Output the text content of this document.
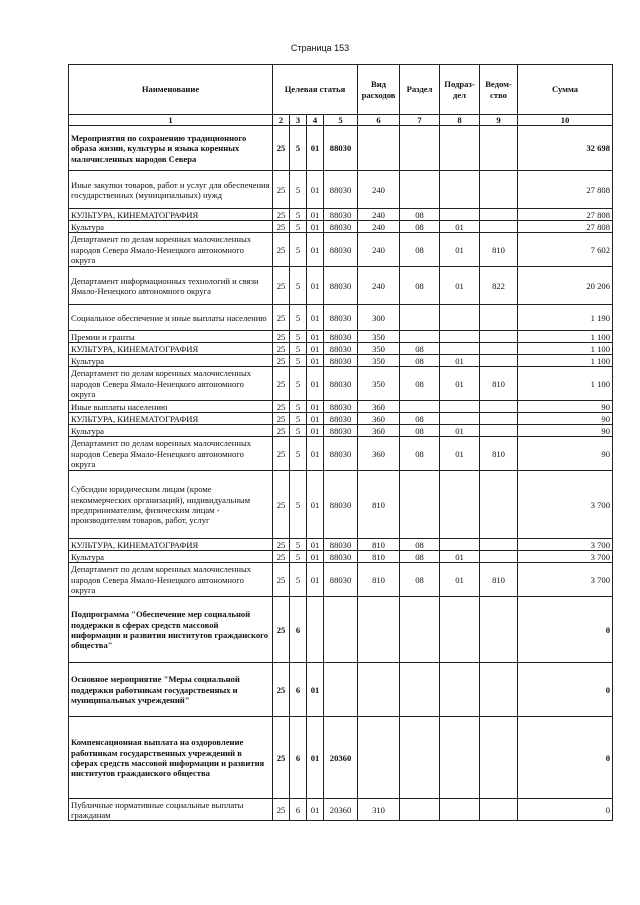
Страница 153
Наименование	Целевая статья				Вид расходов	Раздел	Подраз-дел	Ведом-ство	Сумма
1	2	3	4	5	6	7	8	9	10
Мероприятия по сохранению традиционного образа жизни, культуры и языка коренных малочисленных народов Севера	25	5	01	88030					32 698
Иные закупки товаров, работ и услуг для обеспечения государственных (муниципальных) нужд	25	5	01	88030	240				27 808
КУЛЬТУРА, КИНЕМАТОГРАФИЯ	25	5	01	88030	240	08			27 808
Культура	25	5	01	88030	240	08	01		27 808
Департамент по делам коренных малочисленных народов Севера Ямало-Ненецкого автономного округа	25	5	01	88030	240	08	01	810	7 602
Департамент информационных технологий и связи Ямало-Ненецкого автономного округа	25	5	01	88030	240	08	01	822	20 206
Социальное обеспечение и иные выплаты населению	25	5	01	88030	300				1 190
Премии и гранты	25	5	01	88030	350				1 100
КУЛЬТУРА, КИНЕМАТОГРАФИЯ	25	5	01	88030	350	08			1 100
Культура	25	5	01	88030	350	08	01		1 100
Департамент по делам коренных малочисленных народов Севера Ямало-Ненецкого автономного округа	25	5	01	88030	350	08	01	810	1 100
Иные выплаты населению	25	5	01	88030	360				90
КУЛЬТУРА, КИНЕМАТОГРАФИЯ	25	5	01	88030	360	08			90
Культура	25	5	01	88030	360	08	01		90
Департамент по делам коренных малочисленных народов Севера Ямало-Ненецкого автономного округа	25	5	01	88030	360	08	01	810	90
Субсидии юридическим лицам (кроме некоммерческих организаций), индивидуальным предпринимателям, физическим лицам - производителям товаров, работ, услуг	25	5	01	88030	810				3 700
КУЛЬТУРА, КИНЕМАТОГРАФИЯ	25	5	01	88030	810	08			3 700
Культура	25	5	01	88030	810	08	01		3 700
Департамент по делам коренных малочисленных народов Севера Ямало-Ненецкого автономного округа	25	5	01	88030	810	08	01	810	3 700
Подпрограмма "Обеспечение мер социальной поддержки в сферах средств массовой информации и развития институтов гражданского общества"	25	6							0
Основное мероприятие "Меры социальной поддержки работникам государственных и муниципальных учреждений"	25	6	01						0
Компенсационная выплата на оздоровление работникам государственных учреждений в сферах средств массовой информации и развития институтов гражданского общества	25	6	01	20360					0
Публичные нормативные социальные выплаты гражданам	25	6	01	20360	310				0
